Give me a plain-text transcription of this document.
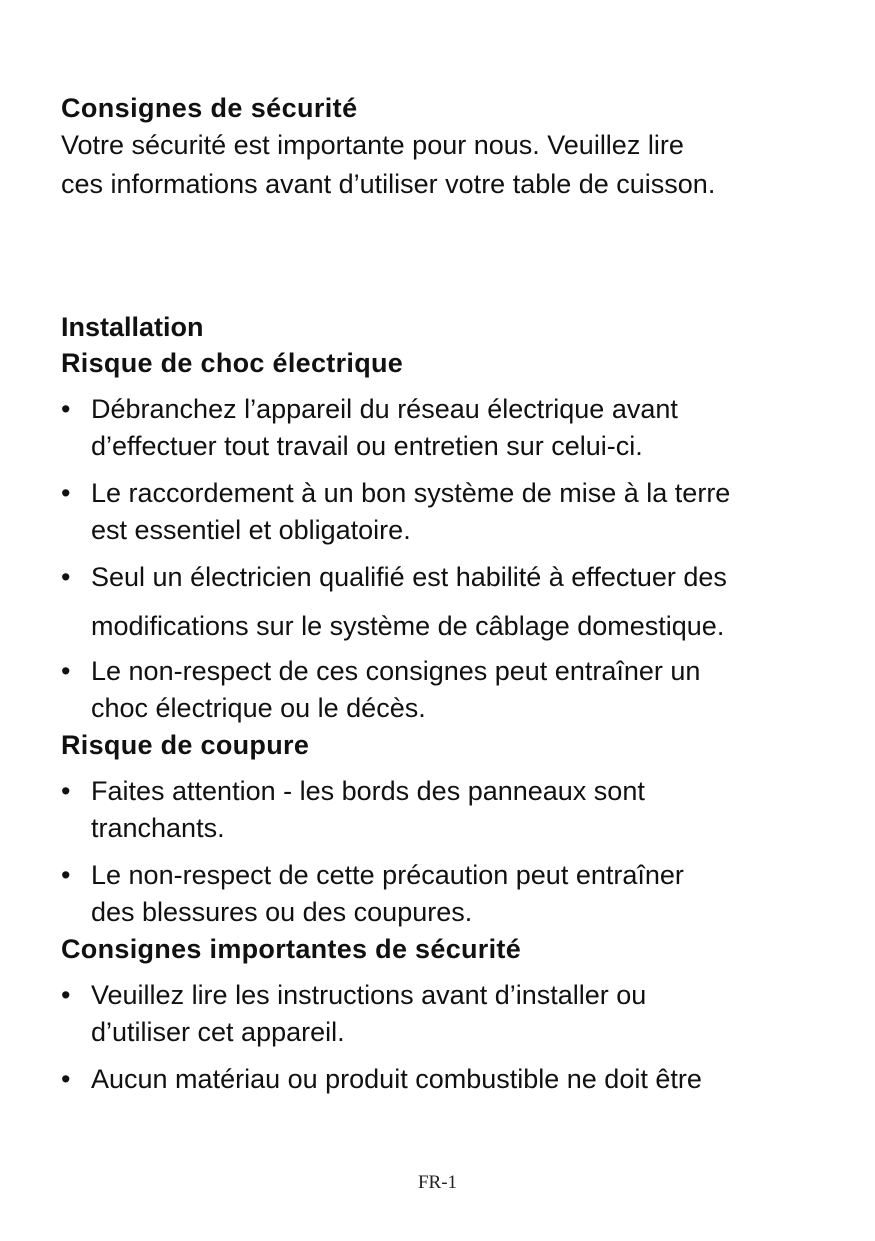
Consignes de sécurité

Votre sécurité est importante pour nous. Veuillez lire
ces informations avant d’utiliser votre table de cuisson.

Installation
Risque de choc électrique
• Débranchez l’appareil du réseau électrique avant
d’effectuer tout travail ou entretien sur celui-ci.
• Le raccordement à un bon système de mise à la terre
est essentiel et obligatoire.
• Seul un électricien qualifié est habilité à effectuer des
modifications sur le système de câblage domestique.
• Le non-respect de ces consignes peut entraîner un
choc électrique ou le décès.
Risque de coupure
• Faites attention - les bords des panneaux sont
tranchants.
• Le non-respect de cette précaution peut entraîner
des blessures ou des coupures.
Consignes importantes de sécurité
• Veuillez lire les instructions avant d’installer ou
d’utiliser cet appareil.
• Aucun matériau ou produit combustible ne doit être
FR-1
